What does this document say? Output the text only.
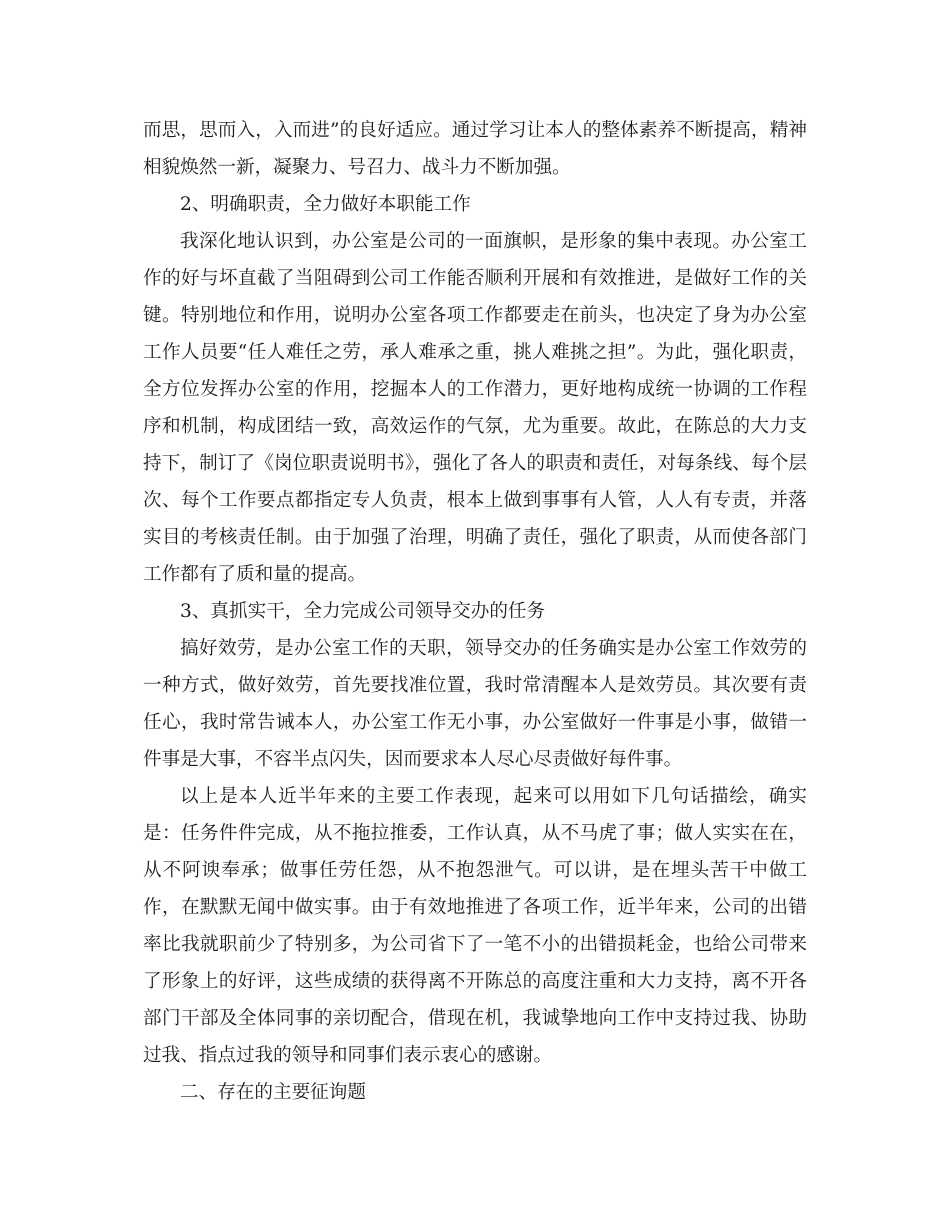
而思，思而入，入而进”的良好适应。通过学习让本人的整体素养不断提高，精神相貌焕然一新，凝聚力、号召力、战斗力不断加强。

2、明确职责，全力做好本职能工作

我深化地认识到，办公室是公司的一面旗帜，是形象的集中表现。办公室工作的好与坏直截了当阻碍到公司工作能否顺利开展和有效推进，是做好工作的关键。特别地位和作用，说明办公室各项工作都要走在前头，也决定了身为办公室工作人员要“任人难任之劳，承人难承之重，挑人难挑之担”。为此，强化职责，全方位发挥办公室的作用，挖掘本人的工作潜力，更好地构成统一协调的工作程序和机制，构成团结一致，高效运作的气氛，尤为重要。故此，在陈总的大力支持下，制订了《岗位职责说明书》，强化了各人的职责和责任，对每条线、每个层次、每个工作要点都指定专人负责，根本上做到事事有人管，人人有专责，并落实目的考核责任制。由于加强了治理，明确了责任，强化了职责，从而使各部门工作都有了质和量的提高。

3、真抓实干，全力完成公司领导交办的任务

搞好效劳，是办公室工作的天职，领导交办的任务确实是办公室工作效劳的一种方式，做好效劳，首先要找准位置，我时常清醒本人是效劳员。其次要有责任心，我时常告诫本人，办公室工作无小事，办公室做好一件事是小事，做错一件事是大事，不容半点闪失，因而要求本人尽心尽责做好每件事。

以上是本人近半年来的主要工作表现，起来可以用如下几句话描绘，确实是：任务件件完成，从不拖拉推委，工作认真，从不马虎了事；做人实实在在，从不阿谀奉承；做事任劳任怨，从不抱怨泄气。可以讲，是在埋头苦干中做工作，在默默无闻中做实事。由于有效地推进了各项工作，近半年来，公司的出错率比我就职前少了特别多，为公司省下了一笔不小的出错损耗金，也给公司带来了形象上的好评，这些成绩的获得离不开陈总的高度注重和大力支持，离不开各部门干部及全体同事的亲切配合，借现在机，我诚挚地向工作中支持过我、协助过我、指点过我的领导和同事们表示衷心的感谢。

二、存在的主要征询题
